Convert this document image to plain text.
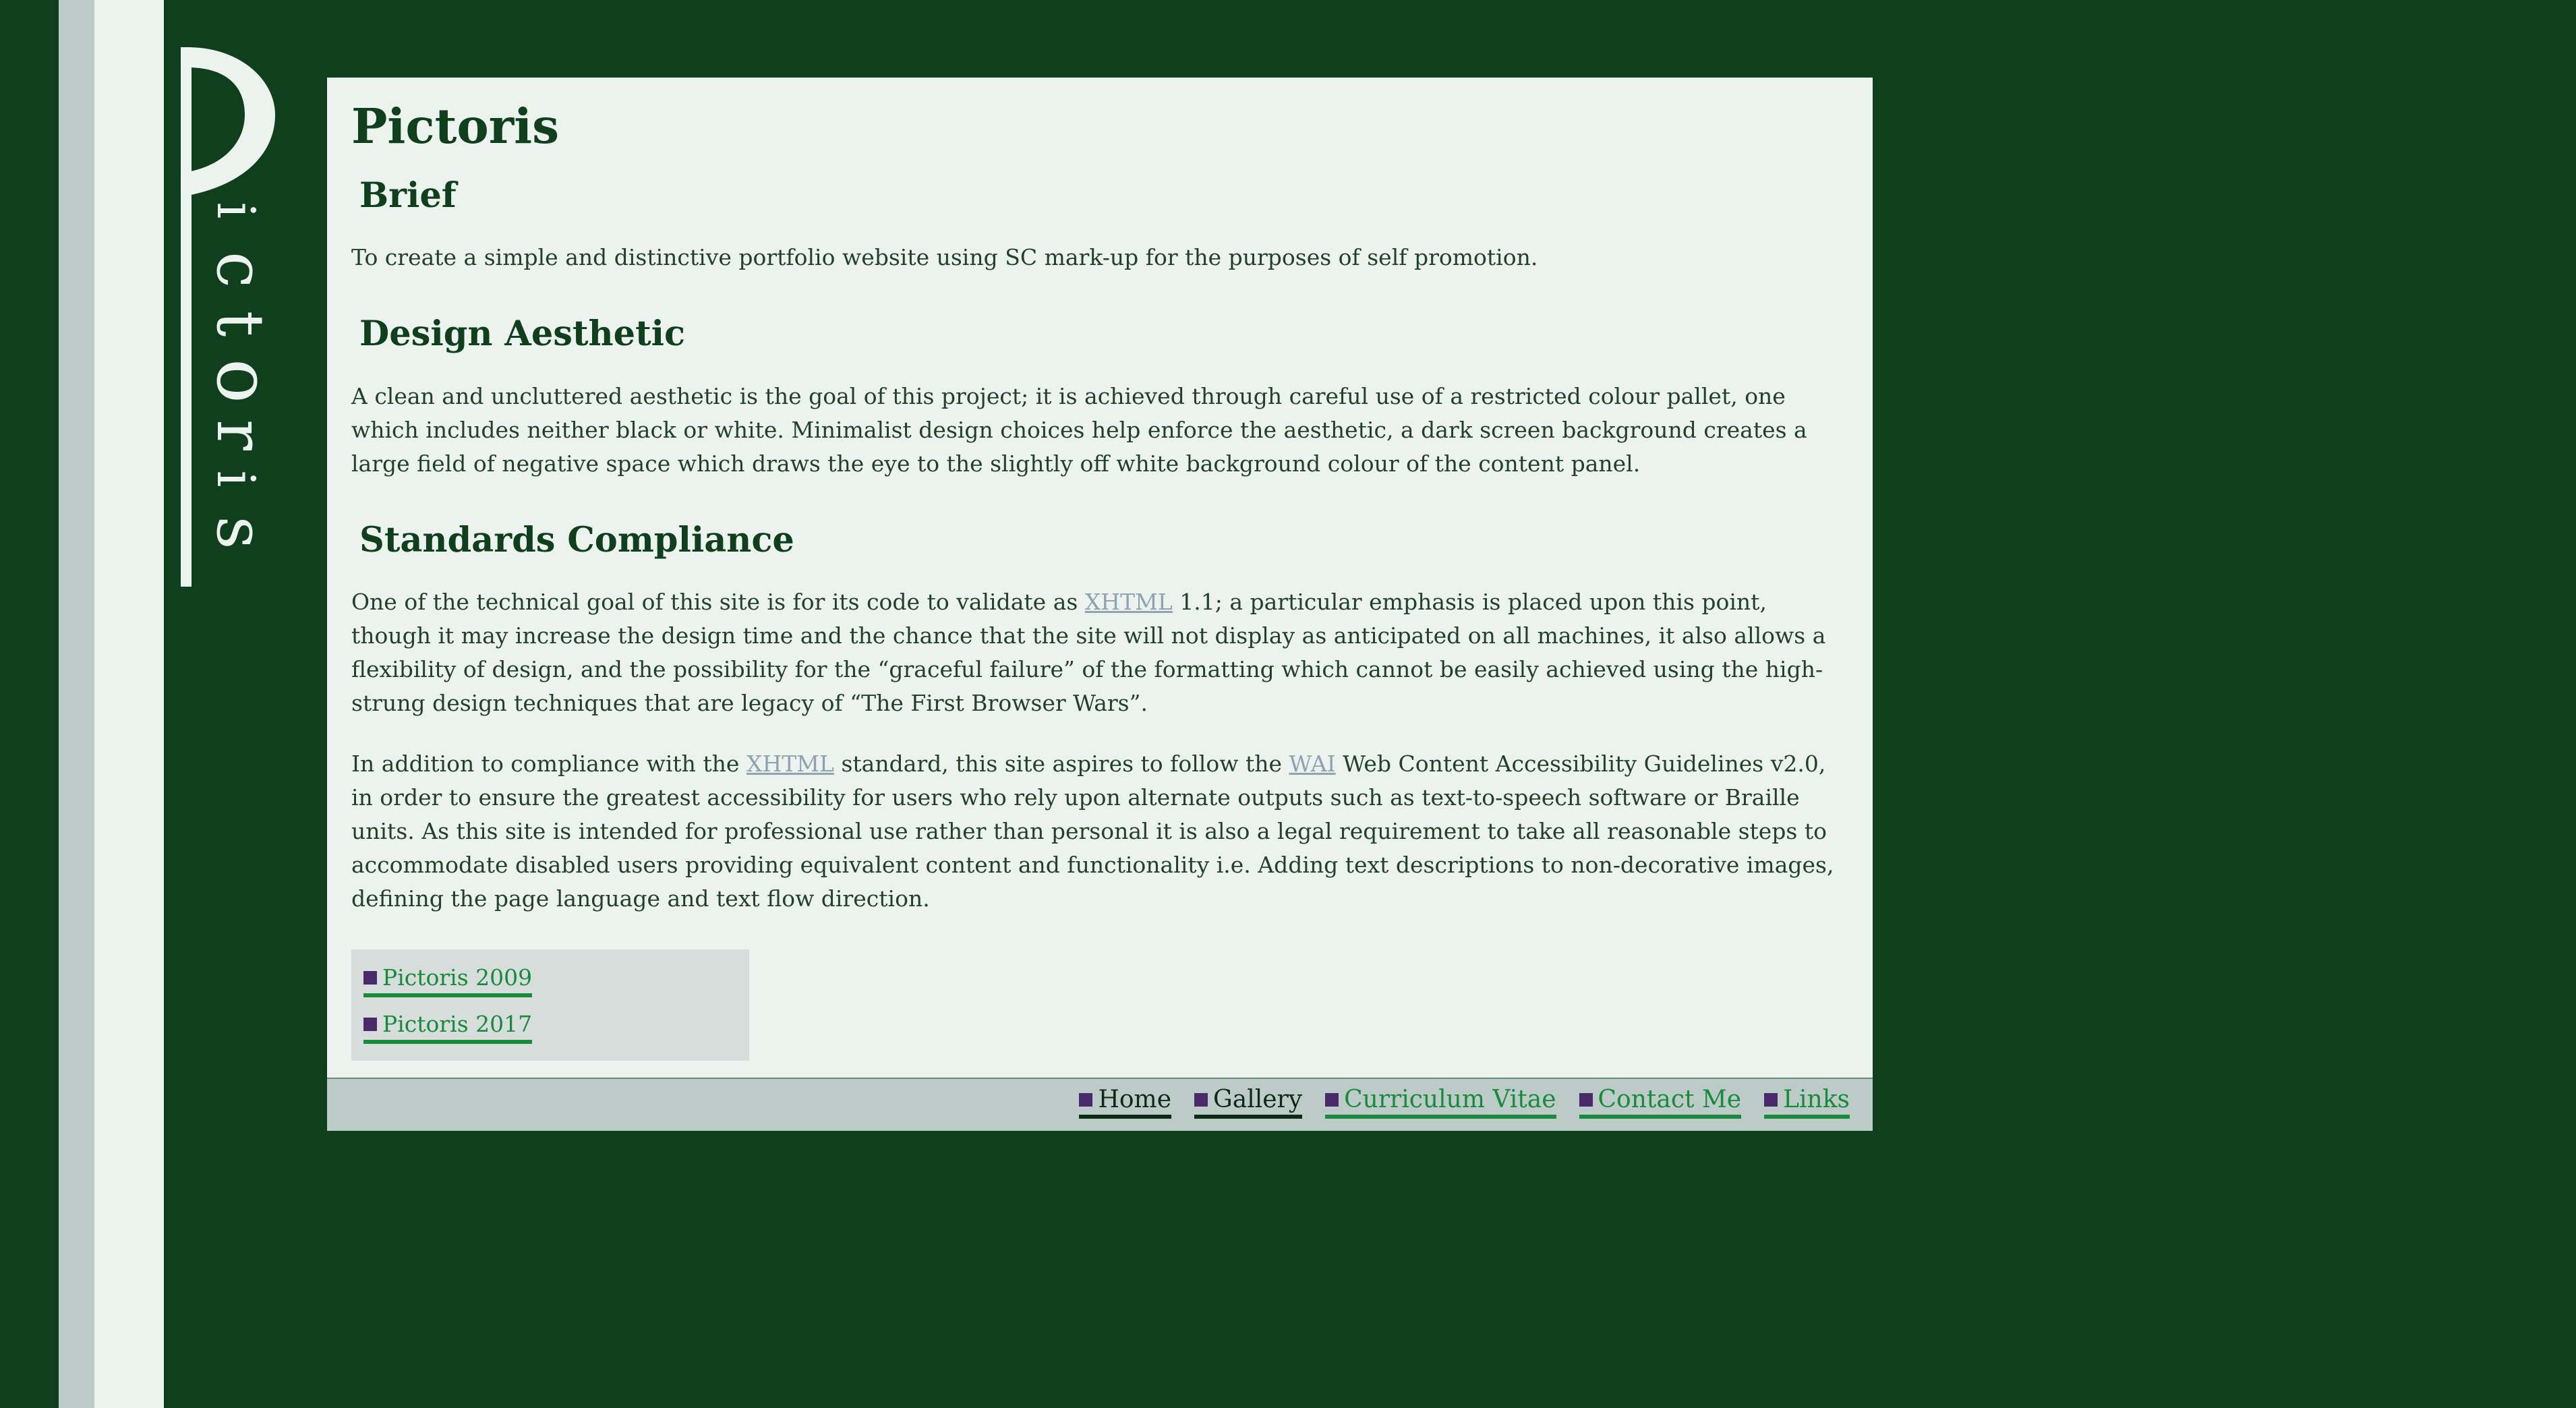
i
c
t
o
r
i
s
Pictoris
Brief

To create a simple and distinctive portfolio website using SC mark-up for the purposes of self promotion.

Design Aesthetic

A clean and uncluttered aesthetic is the goal of this project; it is achieved through careful use of a restricted colour pallet, one which includes neither black or white. Minimalist design choices help enforce the aesthetic, a dark screen background creates a large field of negative space which draws the eye to the slightly off white background colour of the content panel.

Standards Compliance

One of the technical goal of this site is for its code to validate as XHTML 1.1; a particular emphasis is placed upon this point, though it may increase the design time and the chance that the site will not display as anticipated on all machines, it also allows a flexibility of design, and the possibility for the “graceful failure” of the formatting which cannot be easily achieved using the high-strung design techniques that are legacy of “The First Browser Wars”.

In addition to compliance with the XHTML standard, this site aspires to follow the WAI Web Content Accessibility Guidelines v2.0, in order to ensure the greatest accessibility for users who rely upon alternate outputs such as text-to-speech software or Braille units. As this site is intended for professional use rather than personal it is also a legal requirement to take all reasonable steps to accommodate disabled users providing equivalent content and functionality i.e. Adding text descriptions to non-decorative images, defining the page language and text flow direction.

Pictoris 2009
Pictoris 2017
Home Gallery Curriculum Vitae Contact Me Links
